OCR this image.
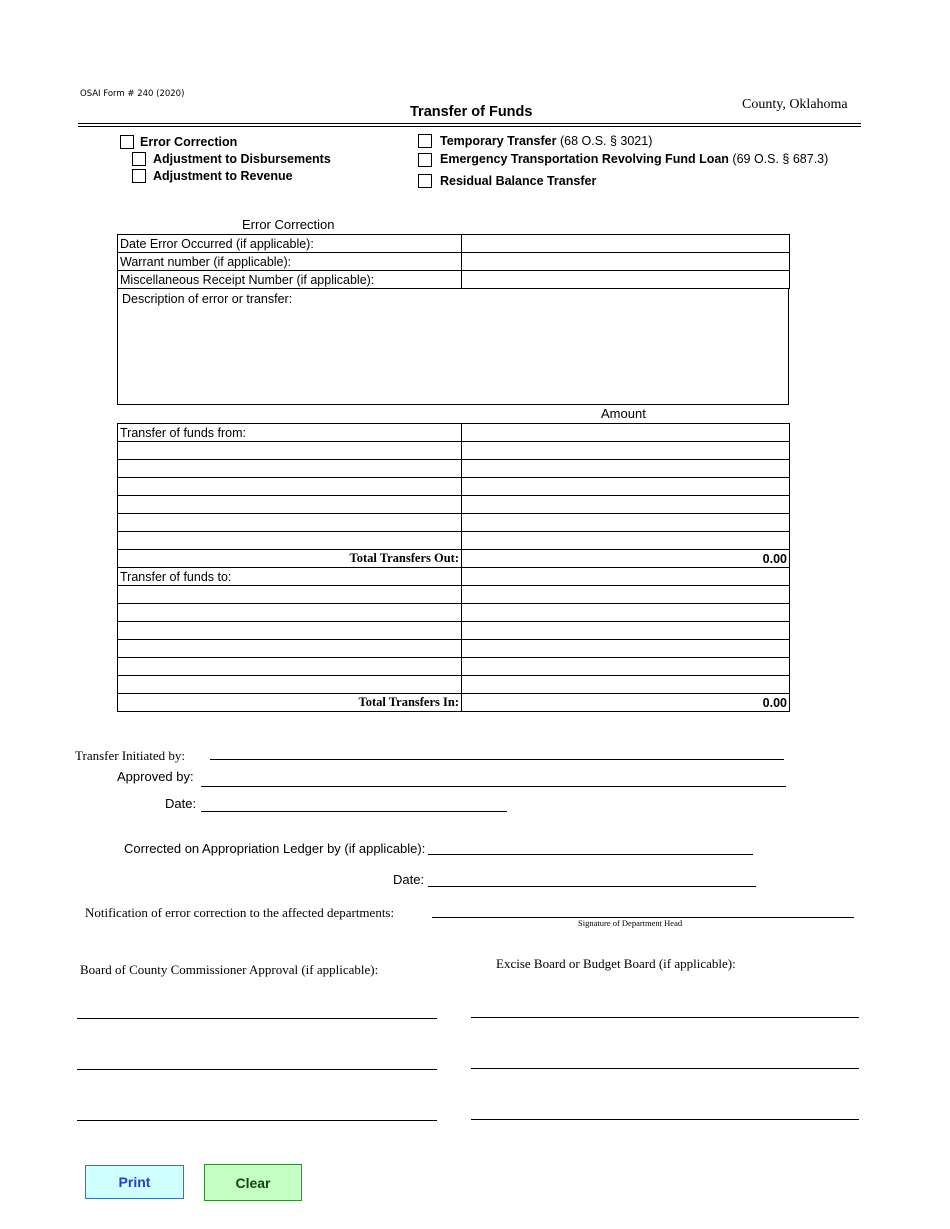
OSAI Form # 240 (2020)
Transfer of Funds	County, Oklahoma
Error Correction
Adjustment to Disbursements
Adjustment to Revenue
Temporary Transfer (68 O.S. § 3021)
Emergency Transportation Revolving Fund Loan (69 O.S. § 687.3)
Residual Balance Transfer
Error Correction
Date Error Occurred (if applicable):	
Warrant number (if applicable):	
Miscellaneous Receipt Number (if applicable):	
Description of error or transfer:
Amount
Transfer of funds from:	

Total Transfers Out:	0.00
Transfer of funds to:	

Total Transfers In:	0.00
Transfer Initiated by:
Approved by:
Date:
Corrected on Appropriation Ledger by (if applicable):
Date:
Notification of error correction to the affected departments:
Signature of Department Head
Board of County Commissioner Approval (if applicable):	Excise Board or Budget Board (if applicable):
Print	Clear
